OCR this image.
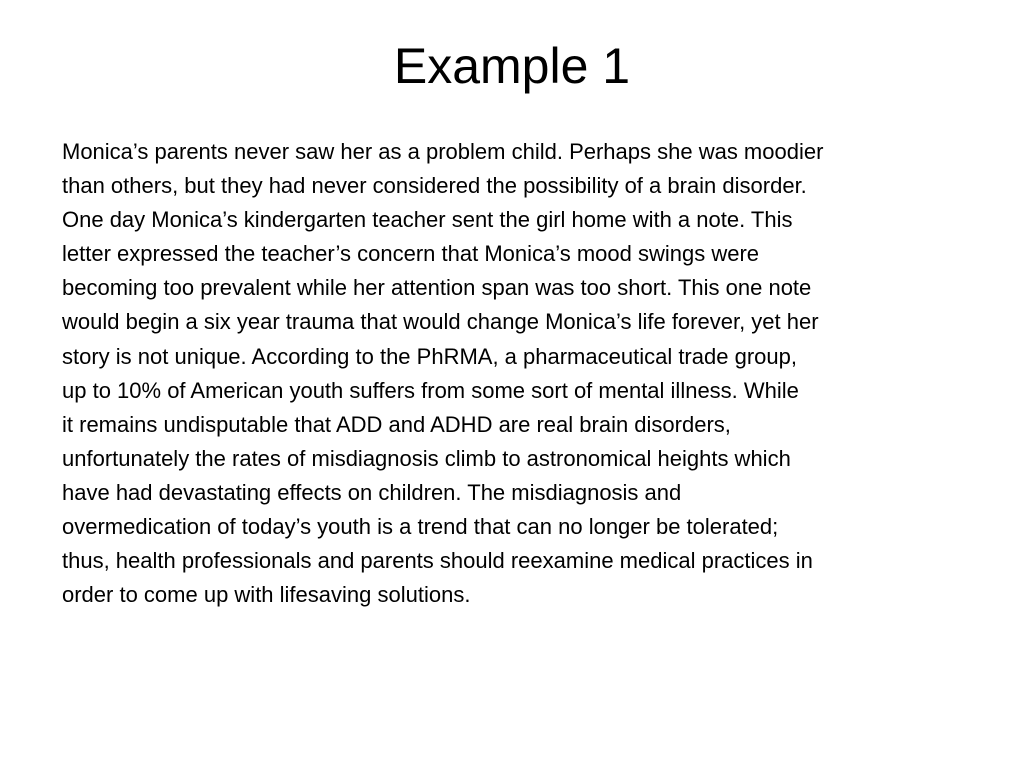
Example 1
Monica’s parents never saw her as a problem child. Perhaps she was moodier
than others, but they had never considered the possibility of a brain disorder.
One day Monica’s kindergarten teacher sent the girl home with a note. This
letter expressed the teacher’s concern that Monica’s mood swings were
becoming too prevalent while her attention span was too short. This one note
would begin a six year trauma that would change Monica’s life forever, yet her
story is not unique. According to the PhRMA, a pharmaceutical trade group,
up to 10% of American youth suffers from some sort of mental illness. While
it remains undisputable that ADD and ADHD are real brain disorders,
unfortunately the rates of misdiagnosis climb to astronomical heights which
have had devastating effects on children. The misdiagnosis and
overmedication of today’s youth is a trend that can no longer be tolerated;
thus, health professionals and parents should reexamine medical practices in
order to come up with lifesaving solutions.
